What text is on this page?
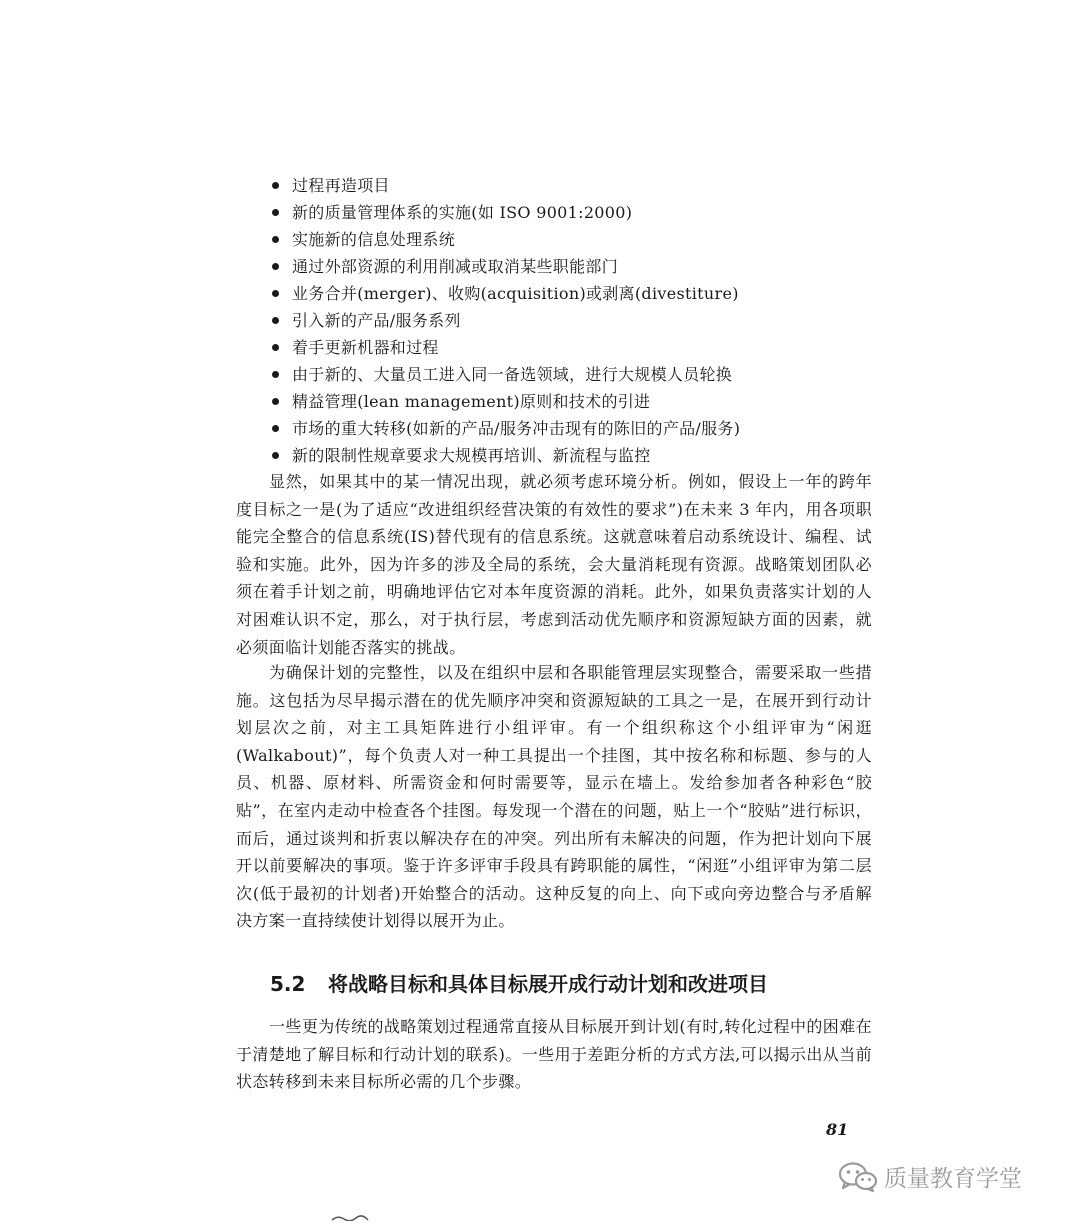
过程再造项目
新的质量管理体系的实施(如 ISO 9001:2000)
实施新的信息处理系统
通过外部资源的利用削减或取消某些职能部门
业务合并(merger)、收购(acquisition)或剥离(divestiture)
引入新的产品/服务系列
着手更新机器和过程
由于新的、大量员工进入同一备选领域，进行大规模人员轮换
精益管理(lean management)原则和技术的引进
市场的重大转移(如新的产品/服务冲击现有的陈旧的产品/服务)
新的限制性规章要求大规模再培训、新流程与监控

显然，如果其中的某一情况出现，就必须考虑环境分析。例如，假设上一年的跨年度目标之一是(为了适应“改进组织经营决策的有效性的要求”)在未来 3 年内，用各项职能完全整合的信息系统(IS)替代现有的信息系统。这就意味着启动系统设计、编程、试验和实施。此外，因为许多的涉及全局的系统，会大量消耗现有资源。战略策划团队必须在着手计划之前，明确地评估它对本年度资源的消耗。此外，如果负责落实计划的人对困难认识不定，那么，对于执行层，考虑到活动优先顺序和资源短缺方面的因素，就必须面临计划能否落实的挑战。

为确保计划的完整性，以及在组织中层和各职能管理层实现整合，需要采取一些措施。这包括为尽早揭示潜在的优先顺序冲突和资源短缺的工具之一是，在展开到行动计划层次之前，对主工具矩阵进行小组评审。有一个组织称这个小组评审为“闲逛(Walkabout)”，每个负责人对一种工具提出一个挂图，其中按名称和标题、参与的人员、机器、原材料、所需资金和何时需要等，显示在墙上。发给参加者各种彩色“胶贴”，在室内走动中检查各个挂图。每发现一个潜在的问题，贴上一个“胶贴”进行标识，而后，通过谈判和折衷以解决存在的冲突。列出所有未解决的问题，作为把计划向下展开以前要解决的事项。鉴于许多评审手段具有跨职能的属性，“闲逛”小组评审为第二层次(低于最初的计划者)开始整合的活动。这种反复的向上、向下或向旁边整合与矛盾解决方案一直持续使计划得以展开为止。

5.2 将战略目标和具体目标展开成行动计划和改进项目

一些更为传统的战略策划过程通常直接从目标展开到计划(有时,转化过程中的困难在于清楚地了解目标和行动计划的联系)。一些用于差距分析的方式方法,可以揭示出从当前状态转移到未来目标所必需的几个步骤。

81
质量教育学堂
